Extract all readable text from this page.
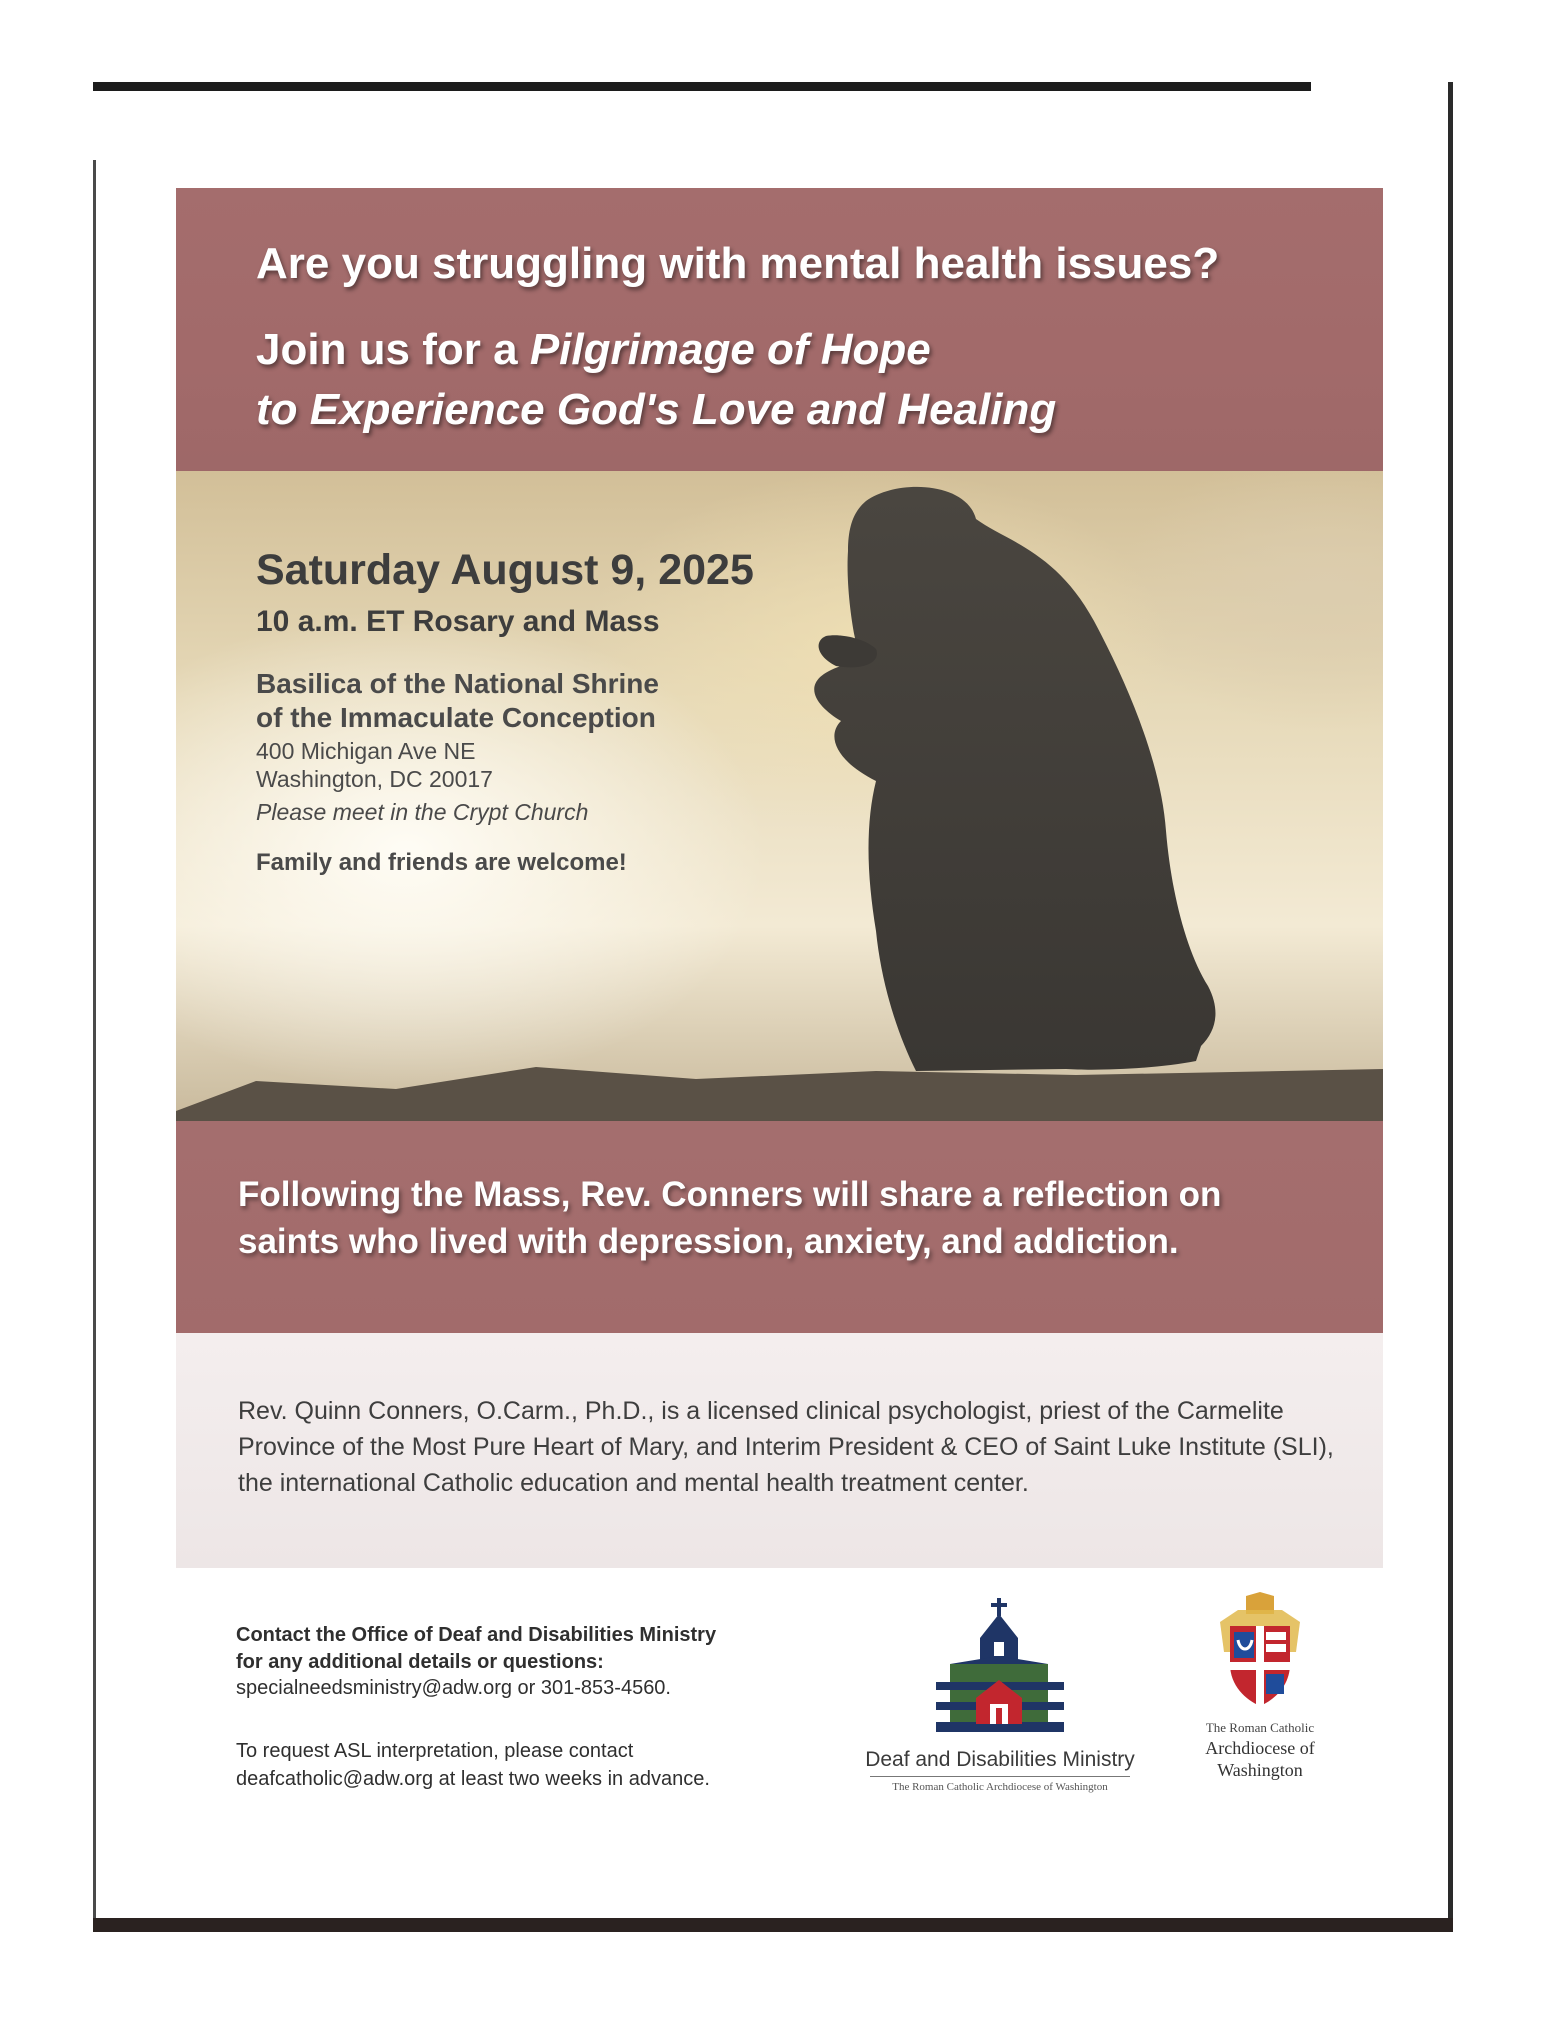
Are you struggling with mental health issues?
Join us for a Pilgrimage of Hope
to Experience God's Love and Healing
Saturday August 9, 2025

10 a.m. ET Rosary and Mass

Basilica of the National Shrine
of the Immaculate Conception

400 Michigan Ave NE
Washington, DC 20017

Please meet in the Crypt Church

Family and friends are welcome!

Following the Mass, Rev. Conners will share a reflection on
saints who lived with depression, anxiety, and addiction.

Rev. Quinn Conners, O.Carm., Ph.D., is a licensed clinical psychologist, priest of the Carmelite Province of the Most Pure Heart of Mary, and Interim President & CEO of Saint Luke Institute (SLI), the international Catholic education and mental health treatment center.

Contact the Office of Deaf and Disabilities Ministry
for any additional details or questions:

specialneedsministry@adw.org or 301-853-4560.

To request ASL interpretation, please contact
deafcatholic@adw.org at least two weeks in advance.

Deaf and Disabilities Ministry

The Roman Catholic Archdiocese of Washington

The Roman Catholic

Archdiocese of

Washington
